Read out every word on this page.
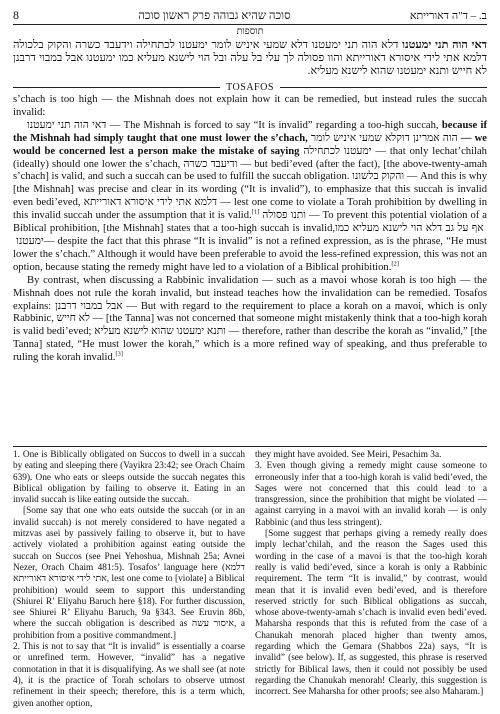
8	סוכה שהיא גבוהה פרק ראשון סוכה	ב. – ד"ה דאורייתא
תוספות
דאי הוה תני ימעטנו דלא הוה תני ימעטנו דלא שמעי איניש לומר ימעטנו לכתחילה וידעבד כשרה והקוק בלכולה דלמא אתי לידי איסורא דאורייתא והוו פסולה לך עלי בל עלה ובל הוי לישנא מעליא כמו ימעטנו אבל במבוי דרבנן לא חייש ותנא ימעטנו שהוא לישנא מעליא.
TOSAFOS

s’chach is too high — the Mishnah does not explain how it can be remedied, but instead rules the succah invalid:

דאי הוה תני ימעטנו — The Mishnah is forced to say “It is invalid” regarding a too-high succah, because if the Mishnah had simply taught that one must lower the s’chach, הוה אמרינן דוקלא שמעי איניש לומר — we would be concerned lest a person make the mistake of saying ימעטנו לכתחילה — that only lechat’chilah (ideally) should one lower the s’chach, ודיעבד כשרה — but bedi’eved (after the fact), [the above-twenty-amah s’chach] is valid, and such a succah can be used to fulfill the succah obligation. והקוק בלשונו — And this is why [the Mishnah] was precise and clear in its wording (“It is invalid”), to emphasize that this succah is invalid even bedi’eved, דלמא אתי לידי איסורא דאורייתא — lest one come to violate a Torah prohibition by dwelling in this invalid succah under the assumption that it is valid.[1] ותנו פסולה — To prevent this potential violation of a Biblical prohibition, [the Mishnah] states that a too-high succah is invalid, אף על גב דלא הוי לישנא מעליא כמו ימעטנו — despite the fact that this phrase “It is invalid” is not a refined expression, as is the phrase, “He must lower the s’chach.” Although it would have been preferable to avoid the less-refined expression, this was not an option, because stating the remedy might have led to a violation of a Biblical prohibition.[2]

By contrast, when discussing a Rabbinic invalidation — such as a mavoi whose korah is too high — the Mishnah does not rule the korah invalid, but instead teaches how the invalidation can be remedied. Tosafos explains: אבל במבוי דרבנן — But with regard to the requirement to place a korah on a mavoi, which is only Rabbinic, לא חייש — [the Tanna] was not concerned that someone might mistakenly think that a too-high korah is valid bedi’eved; ותנא ימעטנו שהוא לישנא מעליא — therefore, rather than describe the korah as “invalid,” [the Tanna] stated, “He must lower the korah,” which is a more refined way of speaking, and thus preferable to ruling the korah invalid.[3]

1. One is Biblically obligated on Succos to dwell in a succah by eating and sleeping there (Vayikra 23:42; see Orach Chaim 639). One who eats or sleeps outside the succah negates this Biblical obligation by failing to observe it. Eating in an invalid succah is like eating outside the succah.

[Some say that one who eats outside the succah (or in an invalid succah) is not merely considered to have negated a mitzvas asei by passively failing to observe it, but to have actively violated a prohibition against eating outside the succah on Succos (see Pnei Yehoshua, Mishnah 25a; Avnei Nezer, Orach Chaim 481:5). Tosafos’ language here (דלמא אתי לידי איסורא דאורייתא, lest one come to [violate] a Biblical prohibition) would seem to support this understanding (Shiurei R’ Eliyahu Baruch here §18). For further discussion, see Shiurei R’ Eliyahu Baruch, 9a §343. See Eruvin 86b, where the succah obligation is described as איסור עשה, a prohibition from a positive commandment.]

2. This is not to say that “It is invalid” is essentially a coarse or unrefined term. However, “invalid” has a negative connotation in that it is disqualifying. As we shall see (at note 4), it is the practice of Torah scholars to observe utmost refinement in their speech; therefore, this is a term which, given another option,

they might have avoided. See Meiri, Pesachim 3a.

3. Even though giving a remedy might cause someone to erroneously infer that a too-high korah is valid bedi’eved, the Sages were not concerned that this could lead to a transgression, since the prohibition that might be violated — against carrying in a mavoi with an invalid korah — is only Rabbinic (and thus less stringent).

[Some suggest that perhaps giving a remedy really does imply lechat’chilah, and the reason the Sages used this wording in the case of a mavoi is that the too-high korah really is valid bedi’eved, since a korah is only a Rabbinic requirement. The term “It is invalid,” by contrast, would mean that it is invalid even bedi’eved, and is therefore reserved strictly for such Biblical obligations as succah, whose above-twenty-amah s’chach is invalid even bedi’eved. Maharsha responds that this is refuted from the case of a Chanukah menorah placed higher than twenty amos, regarding which the Gemara (Shabbos 22a) says, “It is invalid” (see below). If, as suggested, this phrase is reserved strictly for Biblical laws, then it could not possibly be used regarding the Chanukah menorah! Clearly, this suggestion is incorrect. See Maharsha for other proofs; see also Maharam.]
